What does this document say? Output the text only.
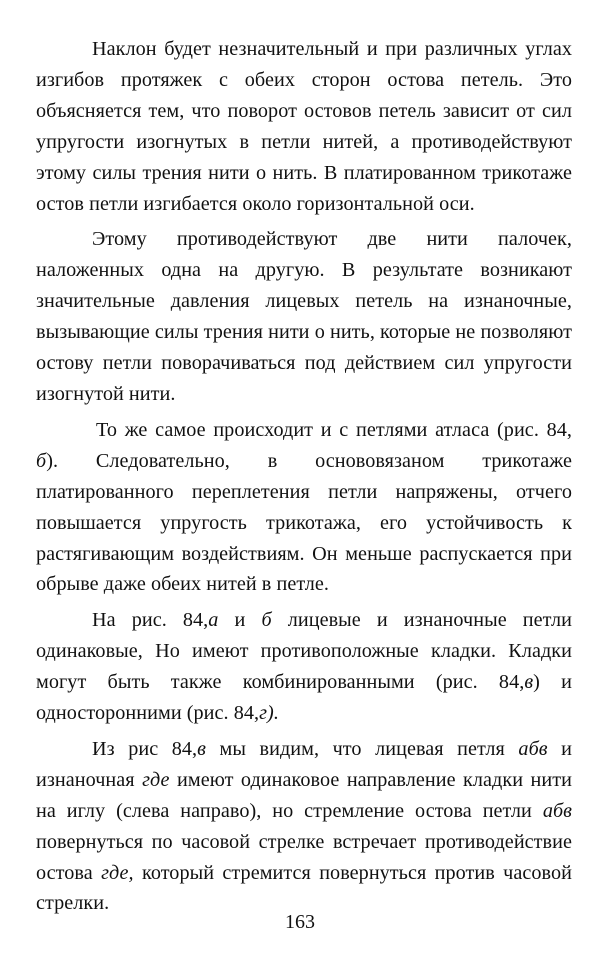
Наклон будет незначительный и при различных углах изгибов протяжек с обеих сторон остова петель. Это объясняется тем, что поворот остовов петель зависит от сил упругости изогнутых в петли нитей, а противодействуют этому силы трения нити о нить. В платированном трикотаже остов петли изгибается около горизонтальной оси.

Этому противодействуют две нити палочек, наложенных одна на другую. В результате возникают значительные давления лицевых петель на изнаночные, вызывающие силы трения нити о нить, которые не позволяют остову петли поворачиваться под действием сил упругости изогнутой нити.

То же самое происходит и с петлями атласа (рис. 84, б). Следовательно, в основовязаном трикотаже платированного переплетения петли напряжены, отчего повышается упругость трикотажа, его устойчивость к растягивающим воздействиям. Он меньше распускается при обрыве даже обеих нитей в петле.

На рис. 84,а и б лицевые и изнаночные петли одинаковые, Но имеют противоположные кладки. Кладки могут быть также комбинированными (рис. 84,в) и односторонними (рис. 84,г).

Из рис 84,в мы видим, что лицевая петля абв и изнаночная где имеют одинаковое направление кладки нити на иглу (слева направо), но стремление остова петли абв повернуться по часовой стрелке встречает противодействие остова где, который стремится повернуться против часовой стрелки.

163
